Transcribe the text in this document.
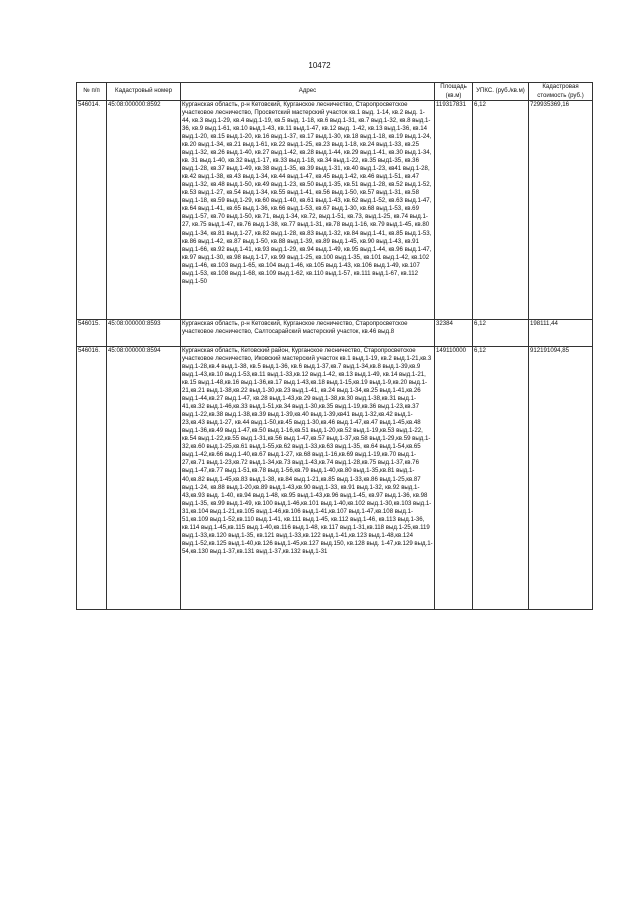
10472
№ п/п	Кадастровый номер	Адрес	Площадь (кв.м)	УПКС. (руб./кв.м)	Кадастровая стоимость (руб.)
546014.	45:08:000000:8592	Курганская область, р-н Кетовский, Курганское лесничество, Старопросветское участковое лесничество, Просветский мастерский участок кв.1 выд. 1-14, кв.2 выд. 1-44, кв.3 выд.1-29, кв.4 выд.1-19, кв.5 выд. 1-18, кв.6 выд.1-31, кв.7 выд.1-32, кв.8 выд.1-36, кв.9 выд.1-61, кв.10 выд.1-43, кв.11 выд.1-47, кв.12 выд. 1-42, кв.13 выд.1-36, кв.14 выд.1-20, кв.15 выд.1-20, кв.16 выд.1-37, кв.17 выд.1-30, кв.18 выд.1-18, кв.19 выд.1-24, кв.20 выд.1-34, кв.21 выд.1-61, кв.22 выд.1-25, кв.23 выд.1-18, кв.24 выд.1-33, кв.25 выд.1-32, кв.26 выд.1-40, кв.27 выд.1-42, кв.28 выд.1-44, кв.29 выд.1-41, кв.30 выд.1-34, кв. 31 выд.1-40, кв.32 выд.1-17, кв.33 выд.1-18, кв.34 выд.1-22, кв.35 выд1-35, кв.36 выд.1-28, кв.37 выд.1-49, кв.38 выд.1-35, кв.39 выд.1-31, кв.40 выд.1-23, кв41 выд.1-28, кв.42 выд.1-38, кв.43 выд.1-34, кв.44 выд.1-47, кв.45 выд.1-42, кв.46 выд.1-51, кв.47 выд.1-32, кв.48 выд.1-50, кв.49 выд.1-23, кв.50 выд.1-35, кв.51 выд.1-28, кв.52 выд.1-52, кв.53 выд.1-27, кв.54 выд.1-34, кв.55 выд.1-41, кв.56 выд.1-50, кв.57 выд.1-31, кв.58 выд.1-18, кв.59 выд.1-29, кв.60 выд.1-40, кв.61 выд.1-43, кв.62 выд.1-52, кв.63 выд.1-47, кв.64 выд.1-41, кв.65 выд.1-36, кв.66 выд.1-53, кв.67 выд.1-30, кв.68 выд.1-53, кв.69 выд.1-57, кв.70 выд.1-50, кв.71, выд.1-34, кв.72, выд.1-51, кв.73, выд.1-25, кв.74 выд.1-27, кв.75 выд.1-47, кв.76 выд.1-38, кв.77 выд.1-31, кв.78 выд.1-16, кв.79 выд.1-45, кв.80 выд.1-34, кв.81 выд.1-27, кв.82 выд.1-28, кв.83 выд.1-32, кв.84 выд.1-41, кв.85 выд.1-53, кв.86 выд.1-42, кв.87 выд.1-50, кв.88 выд.1-39, кв.89 выд.1-45, кв.90 выд.1-43, кв.91 выд.1-66, кв.92 выд.1-41, кв.93 выд.1-29, кв.94 выд.1-49, кв.95 выд.1-44, кв.96 выд.1-47, кв.97 выд.1-30, кв.98 выд.1-17, кв.99 выд.1-25, кв.100 выд.1-35, кв.101 выд.1-42, кв.102 выд.1-46, кв.103 выд.1-65, кв.104 выд.1-46, кв.105 выд.1-43, кв.106 выд.1-49, кв.107 выд.1-53, кв.108 выд.1-68, кв.109 выд.1-62, кв.110 выд.1-57, кв.111 выд.1-67, кв.112 выд.1-50	119317831	6,12	729935369,16
546015.	45:08:000000:8593	Курганская область, р-н Кетовский, Курганское лесничество, Старопросветское участковое лесничество, Салтосарайский мастерский участок, кв.46 выд.8	32384	6,12	198111,44
546016.	45:08:000000:8594	Курганская область, Кетовский район, Курганское лесничество, Старопросветское участковое лесничество, Иковский мастерский участок кв.1 выд.1-19, кв.2 выд.1-21,кв.3 выд.1-28,кв.4 выд.1-38, кв.5 выд.1-36, кв.6 выд.1-37,кв.7 выд.1-34,кв.8 выд.1-39,кв.9 выд.1-43,кв.10 выд.1-53,кв.11 выд.1-33,кв.12 выд.1-42, кв.13 выд.1-49, кв.14 выд.1-21, кв.15 выд.1-48,кв.16 выд.1-36,кв.17 выд.1-43,кв.18 выд.1-15,кв.19 выд.1-9,кв.20 выд.1-21,кв.21 выд.1-38,кв.22 выд.1-30,кв.23 выд.1-41, кв.24 выд.1-34,кв.25 выд.1-41,кв.26 выд.1-44,кв.27 выд.1-47, кв.28 выд.1-43,кв.29 выд.1-38,кв.30 выд.1-38,кв.31 выд.1-41,кв.32 выд.1-46,кв.33 выд.1-51,кв.34 выд.1-30,кв.35 выд.1-19,кв.36 выд.1-23,кв.37 выд.1-22,кв.38 выд.1-38,кв.39 выд.1-39,кв.40 выд.1-39,кв41 выд.1-32,кв.42 выд.1-23,кв.43 выд.1-27, кв.44 выд.1-50,кв.45 выд.1-30,кв.46 выд.1-47,кв.47 выд.1-45,кв.48 выд.1-36,кв.49 выд.1-47,кв.50 выд.1-16,кв.51 выд.1-20,кв.52 выд.1-19,кв.53 выд.1-22, кв.54 выд.1-22,кв.55 выд.1-31,кв.56 выд.1-47,кв.57 выд.1-37,кв.58 выд.1-29,кв.59 выд.1-32,кв.60 выд.1-25,кв.61 выд.1-55,кв.62 выд.1-33,кв.63 выд.1-35, кв.64 выд.1-54,кв.65 выд.1-42,кв.66 выд.1-40,кв.67 выд.1-27, кв.68 выд.1-16,кв.69 выд.1-19,кв.70 выд.1-27,кв.71 выд.1-23,кв.72 выд.1-34,кв.73 выд.1-43,кв.74 выд.1-28,кв.75 выд.1-37,кв.76 выд.1-47,кв.77 выд.1-51,кв.78 выд.1-56,кв.79 выд.1-40,кв.80 выд.1-35,кв.81 выд.1-40,кв.82 выд.1-45,кв.83 выд.1-38, кв.84 выд.1-21,кв.85 выд.1-33,кв.86 выд.1-25,кв.87 выд.1-24, кв.88 выд.1-20,кв.89 выд.1-43,кв.90 выд.1-33, кв.91 выд.1-32, кв.92 выд.1-43,кв.93 выд. 1-40, кв.94 выд.1-48, кв.95 выд.1-43,кв.96 выд.1-45, кв.97 выд.1-36, кв.98 выд.1-35, кв.99 выд.1-49, кв.100 выд.1-46,кв.101 выд.1-40,кв.102 выд.1-30,кв.103 выд.1-31,кв.104 выд.1-21,кв.105 выд.1-46,кв.106 выд.1-41,кв.107 выд.1-47,кв.108 выд.1-51,кв.109 выд.1-52,кв.110 выд.1-41, кв.111 выд.1-45, кв.112 выд.1-46, кв.113 выд.1-36, кв.114 выд.1-45,кв.115 выд.1-40,кв.116 выд.1-48, кв.117 выд.1-31,кв.118 выд.1-25,кв.119 выд.1-33,кв.120 выд.1-35, кв.121 выд.1-33,кв.122 выд.1-41,кв.123 выд.1-48,кв.124 выд.1-52,кв.125 выд.1-40,кв.126 выд.1-45,кв.127 выд.150, кв.128 выд. 1-47,кв.129 выд.1-54,кв.130 выд.1-37,кв.131 выд.1-37,кв.132 выд.1-31	149110000	6,12	912191094,85
